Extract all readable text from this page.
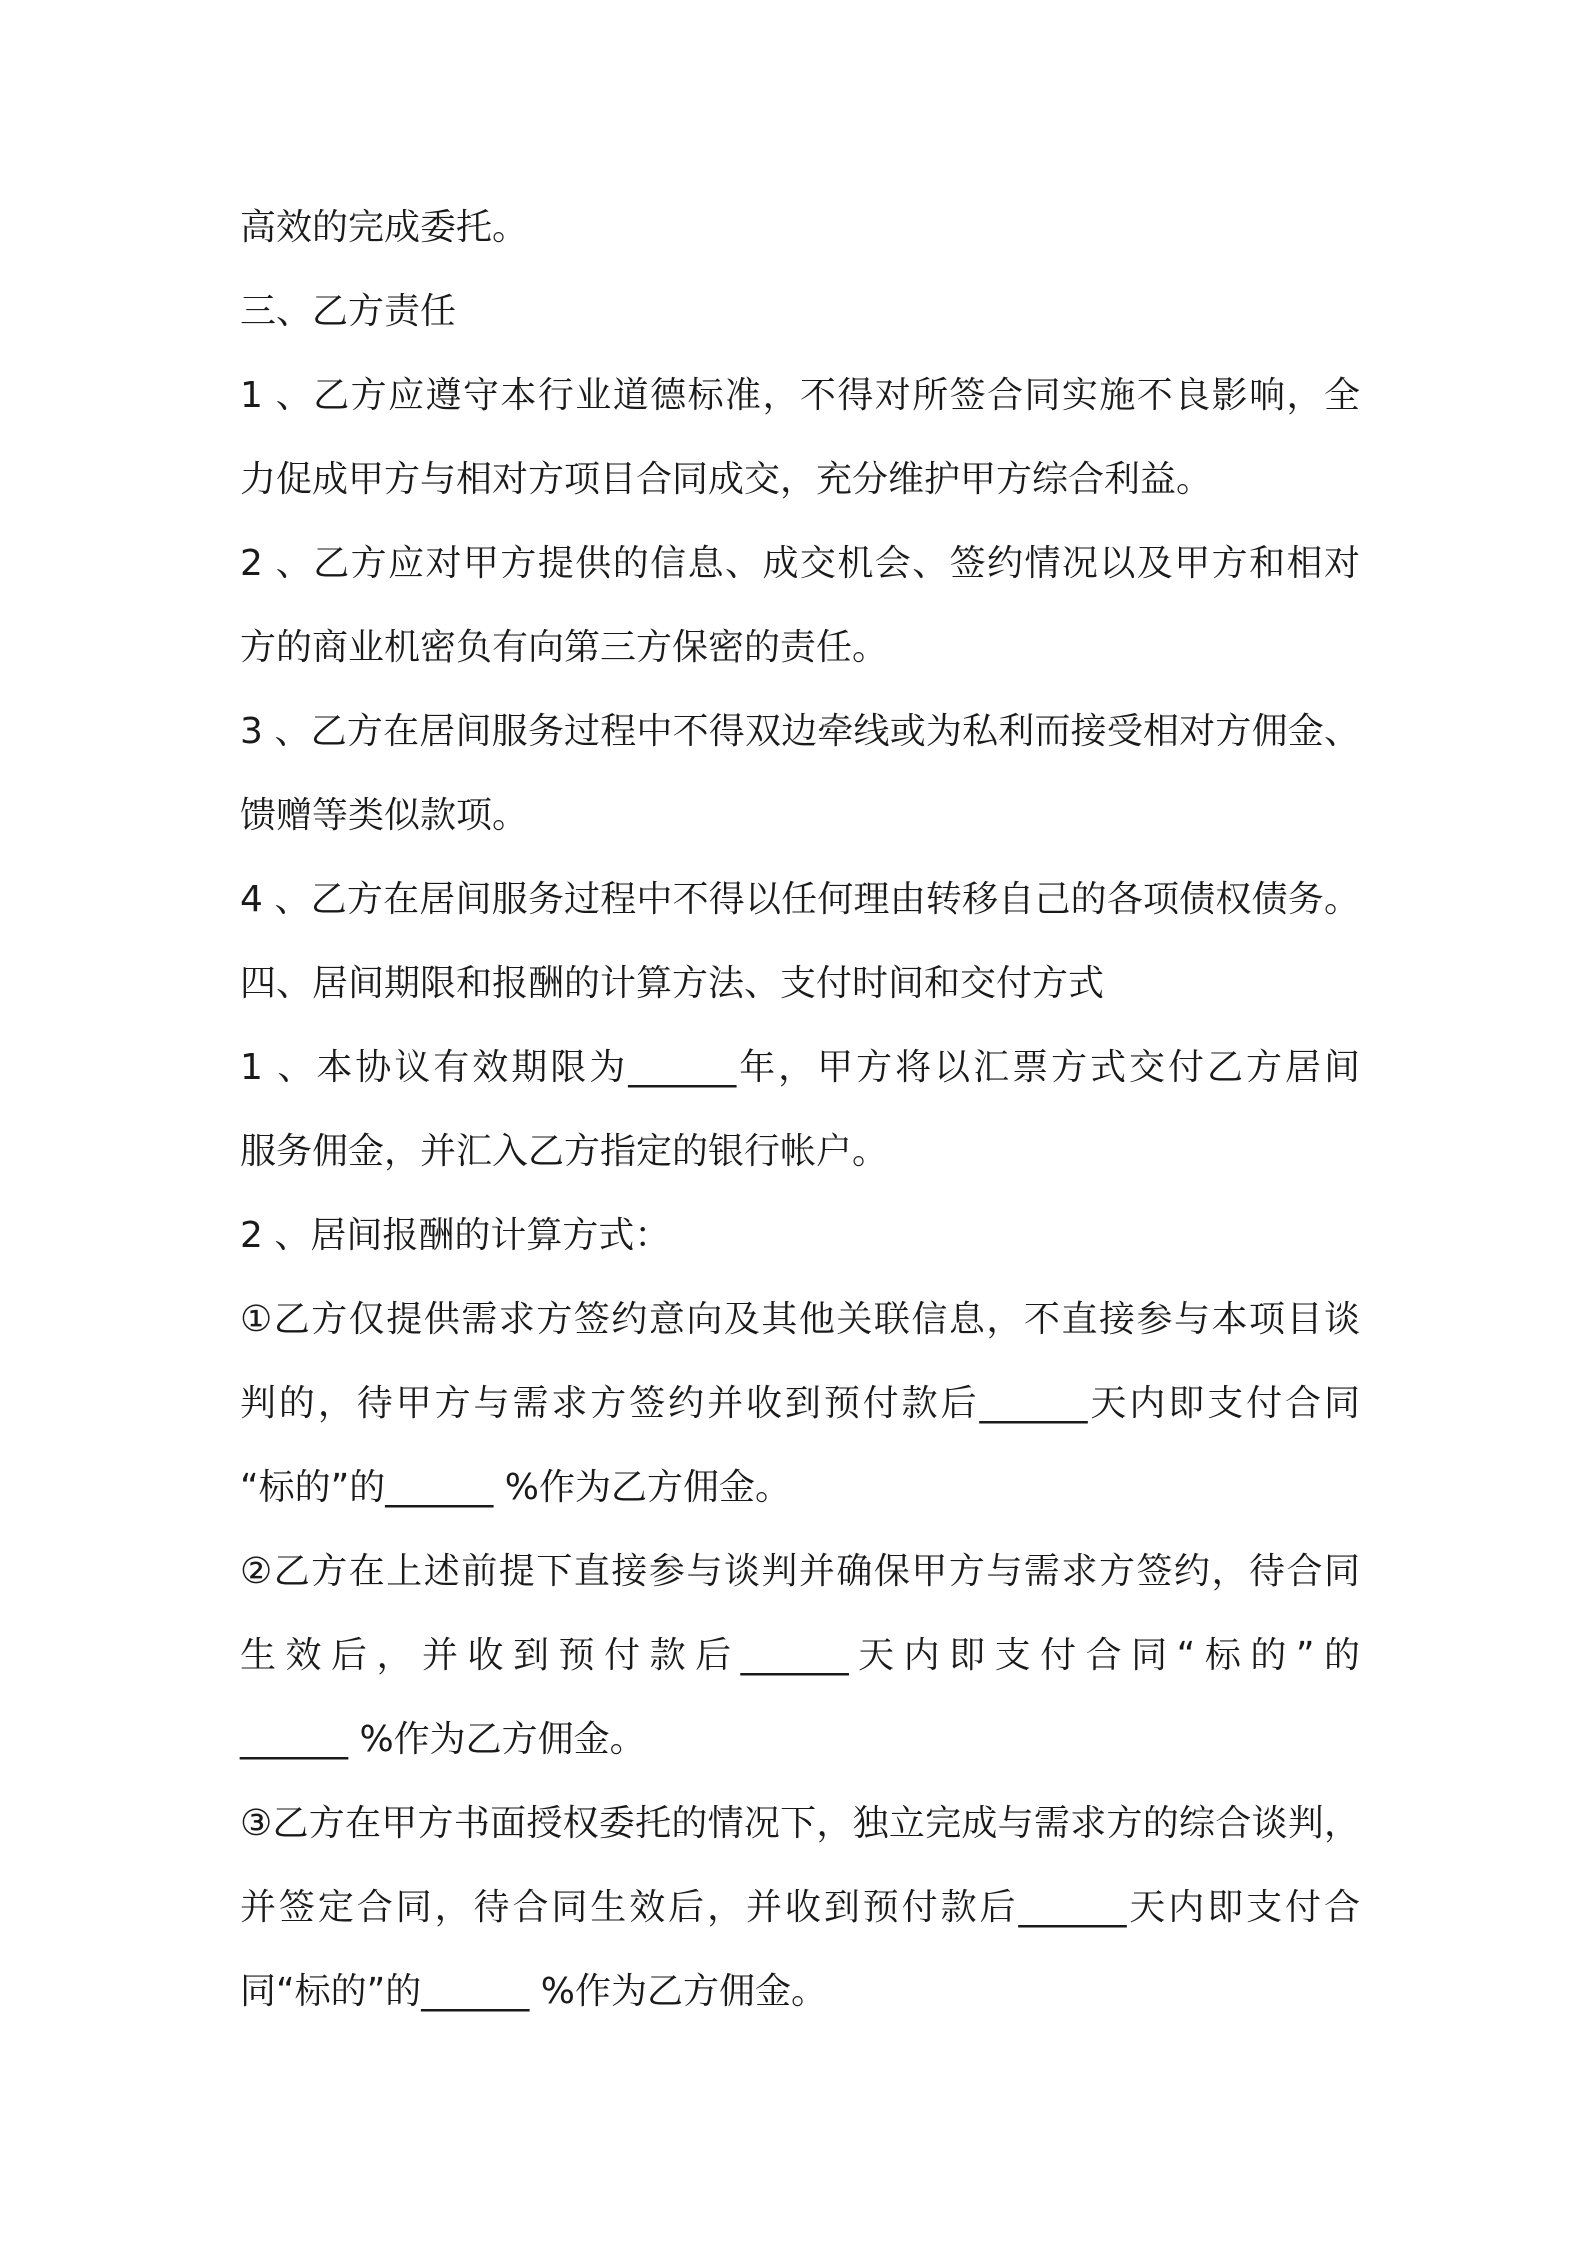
高效的完成委托。
三、乙方责任
1 、乙方应遵守本行业道德标准，不得对所签合同实施不良影响，全
力促成甲方与相对方项目合同成交，充分维护甲方综合利益。
2 、乙方应对甲方提供的信息、成交机会、签约情况以及甲方和相对
方的商业机密负有向第三方保密的责任。
3 、乙方在居间服务过程中不得双边牵线或为私利而接受相对方佣金、
馈赠等类似款项。
4 、乙方在居间服务过程中不得以任何理由转移自己的各项债权债务。
四、居间期限和报酬的计算方法、支付时间和交付方式
1 、本协议有效期限为______年，甲方将以汇票方式交付乙方居间
服务佣金，并汇入乙方指定的银行帐户。
2 、居间报酬的计算方式：
①乙方仅提供需求方签约意向及其他关联信息，不直接参与本项目谈
判的，待甲方与需求方签约并收到预付款后______天内即支付合同
“标的”的______ %作为乙方佣金。
②乙方在上述前提下直接参与谈判并确保甲方与需求方签约，待合同
生效后，并收到预付款后______天内即支付合同“标的”的
______ %作为乙方佣金。
③乙方在甲方书面授权委托的情况下，独立完成与需求方的综合谈判，
并签定合同，待合同生效后，并收到预付款后______天内即支付合
同“标的”的______ %作为乙方佣金。
